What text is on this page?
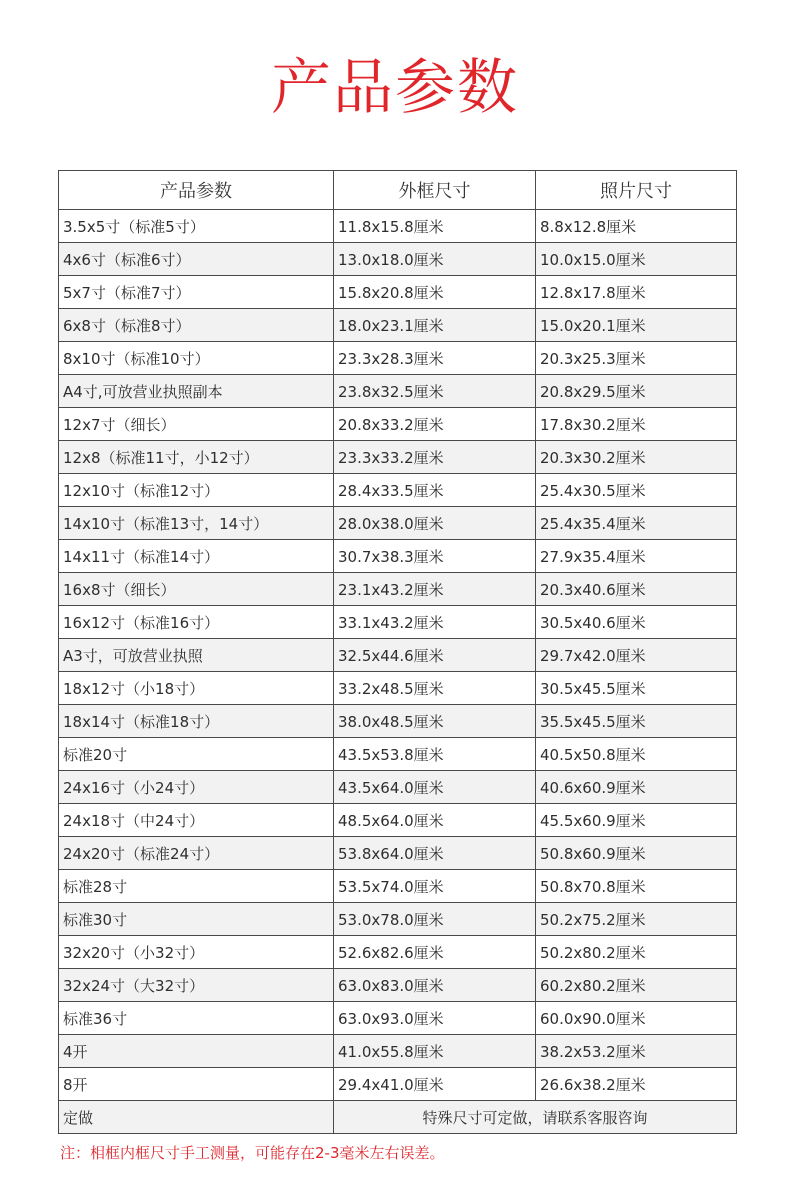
产品参数
产品参数	外框尺寸	照片尺寸
3.5x5寸（标准5寸）	11.8x15.8厘米	8.8x12.8厘米
4x6寸（标准6寸）	13.0x18.0厘米	10.0x15.0厘米
5x7寸（标准7寸）	15.8x20.8厘米	12.8x17.8厘米
6x8寸（标准8寸）	18.0x23.1厘米	15.0x20.1厘米
8x10寸（标准10寸）	23.3x28.3厘米	20.3x25.3厘米
A4寸,可放营业执照副本	23.8x32.5厘米	20.8x29.5厘米
12x7寸（细长）	20.8x33.2厘米	17.8x30.2厘米
12x8（标准11寸，小12寸）	23.3x33.2厘米	20.3x30.2厘米
12x10寸（标准12寸）	28.4x33.5厘米	25.4x30.5厘米
14x10寸（标准13寸，14寸）	28.0x38.0厘米	25.4x35.4厘米
14x11寸（标准14寸）	30.7x38.3厘米	27.9x35.4厘米
16x8寸（细长）	23.1x43.2厘米	20.3x40.6厘米
16x12寸（标准16寸）	33.1x43.2厘米	30.5x40.6厘米
A3寸，可放营业执照	32.5x44.6厘米	29.7x42.0厘米
18x12寸（小18寸）	33.2x48.5厘米	30.5x45.5厘米
18x14寸（标准18寸）	38.0x48.5厘米	35.5x45.5厘米
标准20寸	43.5x53.8厘米	40.5x50.8厘米
24x16寸（小24寸）	43.5x64.0厘米	40.6x60.9厘米
24x18寸（中24寸）	48.5x64.0厘米	45.5x60.9厘米
24x20寸（标准24寸）	53.8x64.0厘米	50.8x60.9厘米
标准28寸	53.5x74.0厘米	50.8x70.8厘米
标准30寸	53.0x78.0厘米	50.2x75.2厘米
32x20寸（小32寸）	52.6x82.6厘米	50.2x80.2厘米
32x24寸（大32寸）	63.0x83.0厘米	60.2x80.2厘米
标准36寸	63.0x93.0厘米	60.0x90.0厘米
4开	41.0x55.8厘米	38.2x53.2厘米
8开	29.4x41.0厘米	26.6x38.2厘米
定做	特殊尺寸可定做，请联系客服咨询	
注：相框内框尺寸手工测量，可能存在2-3毫米左右误差。
